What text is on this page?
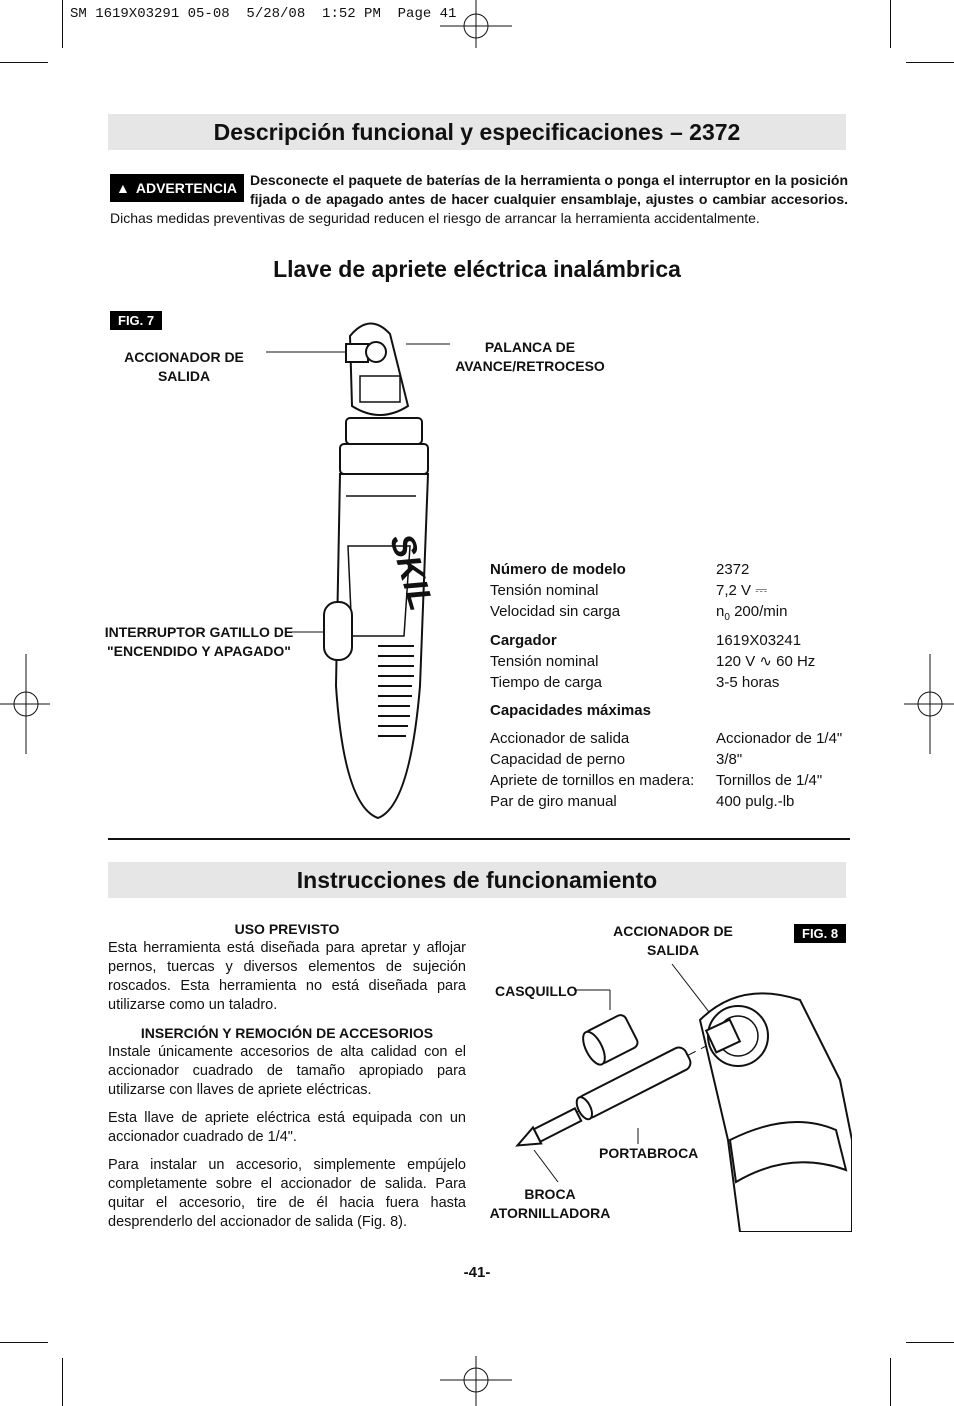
SM 1619X03291 05-08  5/28/08  1:52 PM  Page 41
Descripción funcional y especificaciones – 2372
Desconecte el paquete de baterías de la herramienta o ponga el interruptor en la posición fijada o de apagado antes de hacer cualquier ensamblaje, ajustes o cambiar accesorios. Dichas medidas preventivas de seguridad reducen el riesgo de arrancar la herramienta accidentalmente.
▲ ADVERTENCIA
Llave de apriete eléctrica inalámbrica
FIG. 7
ACCIONADOR DE
SALIDA
PALANCA DE
AVANCE/RETROCESO
INTERRUPTOR GATILLO DE
"ENCENDIDO Y APAGADO"
SKIL	Número de modelo	2372
Tensión nominal	7,2 V ⎓
Velocidad sin carga	$n_0$ 200/min
Cargador	1619X03241
Tensión nominal	120 V ∿ 60 Hz
Tiempo de carga	3-5 horas
Capacidades máximas
Accionador de salida	Accionador de 1/4"
Capacidad de perno	3/8"
Apriete de tornillos en madera: Tornillos de 1/4"
Par de giro manual	400 pulg.-lb
Instrucciones de funcionamiento
USO PREVISTO

Esta herramienta está diseñada para apretar y aflojar pernos, tuercas y diversos elementos de sujeción roscados. Esta herramienta no está diseñada para utilizarse como un taladro.

INSERCIÓN Y REMOCIÓN DE ACCESORIOS

Instale únicamente accesorios de alta calidad con el accionador cuadrado de tamaño apropiado para utilizarse con llaves de apriete eléctricas.

Esta llave de apriete eléctrica está equipada con un accionador cuadrado de 1/4".

Para instalar un accesorio, simplemente empújelo completamente sobre el accionador de salida. Para quitar el accesorio, tire de él hacia fuera hasta desprenderlo del accionador de salida (Fig. 8).

FIG. 8
ACCIONADOR DE
SALIDA
CASQUILLO
PORTABROCA
BROCA
ATORNILLADORA
-41-
